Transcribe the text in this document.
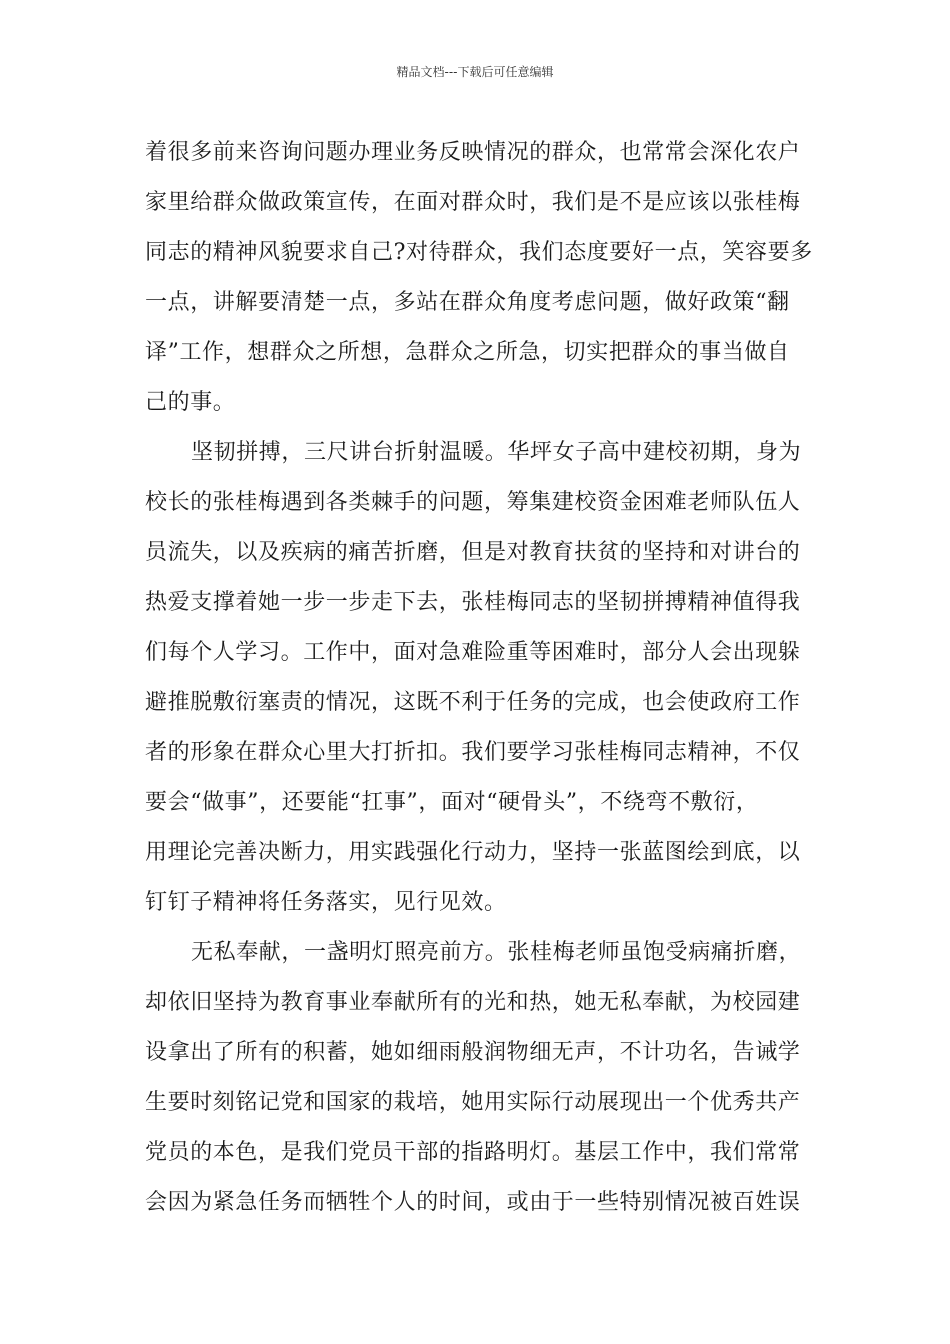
精品文档---下载后可任意编辑

着很多前来咨询问题办理业务反映情况的群众，也常常会深化农户
家里给群众做政策宣传，在面对群众时，我们是不是应该以张桂梅
同志的精神风貌要求自己?对待群众，我们态度要好一点，笑容要多
一点，讲解要清楚一点，多站在群众角度考虑问题，做好政策“翻
译”工作，想群众之所想，急群众之所急，切实把群众的事当做自
己的事。

坚韧拼搏，三尺讲台折射温暖。华坪女子高中建校初期，身为
校长的张桂梅遇到各类棘手的问题，筹集建校资金困难老师队伍人
员流失，以及疾病的痛苦折磨，但是对教育扶贫的坚持和对讲台的
热爱支撑着她一步一步走下去，张桂梅同志的坚韧拼搏精神值得我
们每个人学习。工作中，面对急难险重等困难时，部分人会出现躲
避推脱敷衍塞责的情况，这既不利于任务的完成，也会使政府工作
者的形象在群众心里大打折扣。我们要学习张桂梅同志精神，不仅
要会“做事”，还要能“扛事”，面对“硬骨头”，不绕弯不敷衍，
用理论完善决断力，用实践强化行动力，坚持一张蓝图绘到底，以
钉钉子精神将任务落实，见行见效。

无私奉献，一盏明灯照亮前方。张桂梅老师虽饱受病痛折磨，
却依旧坚持为教育事业奉献所有的光和热，她无私奉献，为校园建
设拿出了所有的积蓄，她如细雨般润物细无声，不计功名，告诫学
生要时刻铭记党和国家的栽培，她用实际行动展现出一个优秀共产
党员的本色，是我们党员干部的指路明灯。基层工作中，我们常常
会因为紧急任务而牺牲个人的时间，或由于一些特别情况被百姓误
